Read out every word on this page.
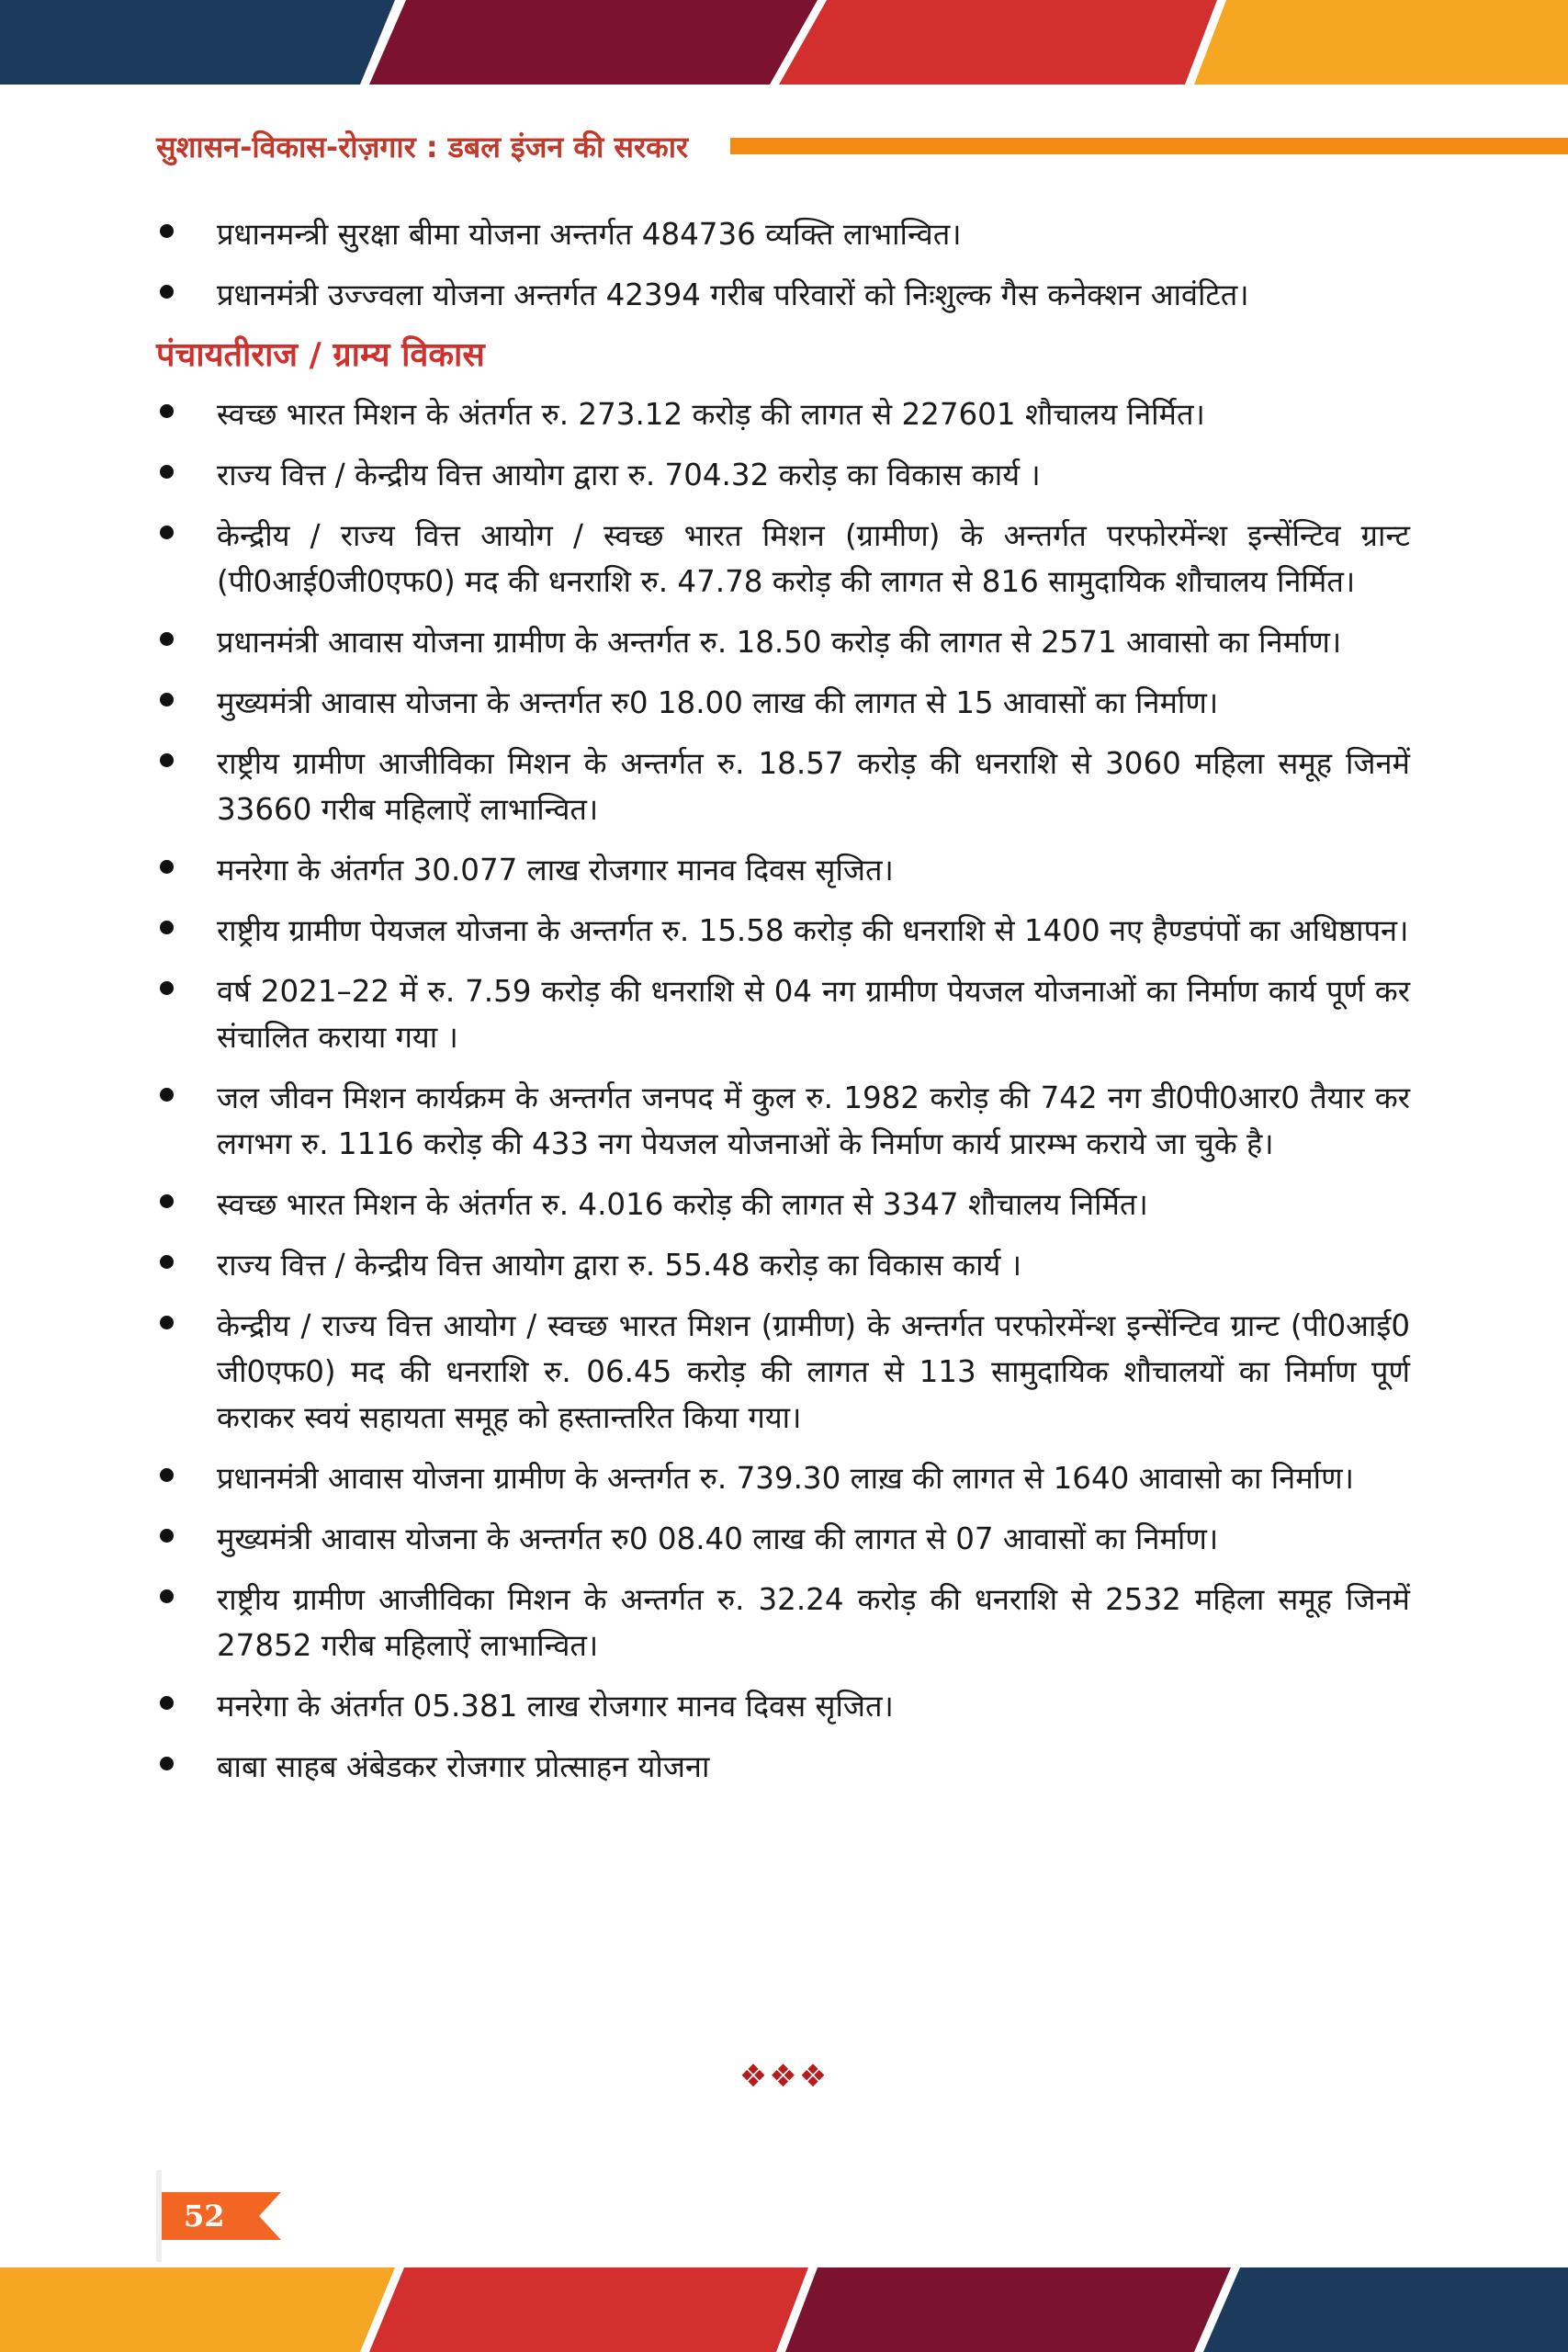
सुशासन-विकास-रोज़गार : डबल इंजन की सरकार
प्रधानमन्त्री सुरक्षा बीमा योजना अन्तर्गत 484736 व्यक्ति लाभान्वित।
प्रधानमंत्री उज्ज्वला योजना अन्तर्गत 42394 गरीब परिवारों को निःशुल्क गैस कनेक्शन आवंटित।
पंचायतीराज / ग्राम्य विकास
स्वच्छ भारत मिशन के अंतर्गत रु. 273.12 करोड़ की लागत से 227601 शौचालय निर्मित।
राज्य वित्त / केन्द्रीय वित्त आयोग द्वारा रु. 704.32 करोड़ का विकास कार्य ।
केन्द्रीय / राज्य वित्त आयोग / स्वच्छ भारत मिशन (ग्रामीण) के अन्तर्गत परफोरमेंन्श इन्सेंन्टिव ग्रान्ट (पी0आई0जी0एफ0) मद की धनराशि रु. 47.78 करोड़ की लागत से 816 सामुदायिक शौचालय निर्मित।
प्रधानमंत्री आवास योजना ग्रामीण के अन्तर्गत रु. 18.50 करोड़ की लागत से 2571 आवासो का निर्माण।
मुख्यमंत्री आवास योजना के अन्तर्गत रु0 18.00 लाख की लागत से 15 आवासों का निर्माण।
राष्ट्रीय ग्रामीण आजीविका मिशन के अन्तर्गत रु. 18.57 करोड़ की धनराशि से 3060 महिला समूह जिनमें 33660 गरीब महिलाऐं लाभान्वित।
मनरेगा के अंतर्गत 30.077 लाख रोजगार मानव दिवस सृजित।
राष्ट्रीय ग्रामीण पेयजल योजना के अन्तर्गत रु. 15.58 करोड़ की धनराशि से 1400 नए हैण्डपंपों का अधिष्ठापन।
वर्ष 2021–22 में रु. 7.59 करोड़ की धनराशि से 04 नग ग्रामीण पेयजल योजनाओं का निर्माण कार्य पूर्ण कर संचालित कराया गया ।
जल जीवन मिशन कार्यक्रम के अन्तर्गत जनपद में कुल रु. 1982 करोड़ की 742 नग डी0पी0आर0 तैयार कर लगभग रु. 1116 करोड़ की 433 नग पेयजल योजनाओं के निर्माण कार्य प्रारम्भ कराये जा चुके है।
स्वच्छ भारत मिशन के अंतर्गत रु. 4.016 करोड़ की लागत से 3347 शौचालय निर्मित।
राज्य वित्त / केन्द्रीय वित्त आयोग द्वारा रु. 55.48 करोड़ का विकास कार्य ।
केन्द्रीय / राज्य वित्त आयोग / स्वच्छ भारत मिशन (ग्रामीण) के अन्तर्गत परफोरमेंन्श इन्सेंन्टिव ग्रान्ट (पी0आई0 जी0एफ0) मद की धनराशि रु. 06.45 करोड़ की लागत से 113 सामुदायिक शौचालयों का निर्माण पूर्ण कराकर स्वयं सहायता समूह को हस्तान्तरित किया गया।
प्रधानमंत्री आवास योजना ग्रामीण के अन्तर्गत रु. 739.30 लाख़ की लागत से 1640 आवासो का निर्माण।
मुख्यमंत्री आवास योजना के अन्तर्गत रु0 08.40 लाख की लागत से 07 आवासों का निर्माण।
राष्ट्रीय ग्रामीण आजीविका मिशन के अन्तर्गत रु. 32.24 करोड़ की धनराशि से 2532 महिला समूह जिनमें 27852 गरीब महिलाऐं लाभान्वित।
मनरेगा के अंतर्गत 05.381 लाख रोजगार मानव दिवस सृजित।
बाबा साहब अंबेडकर रोजगार प्रोत्साहन योजना
❖❖❖
52
